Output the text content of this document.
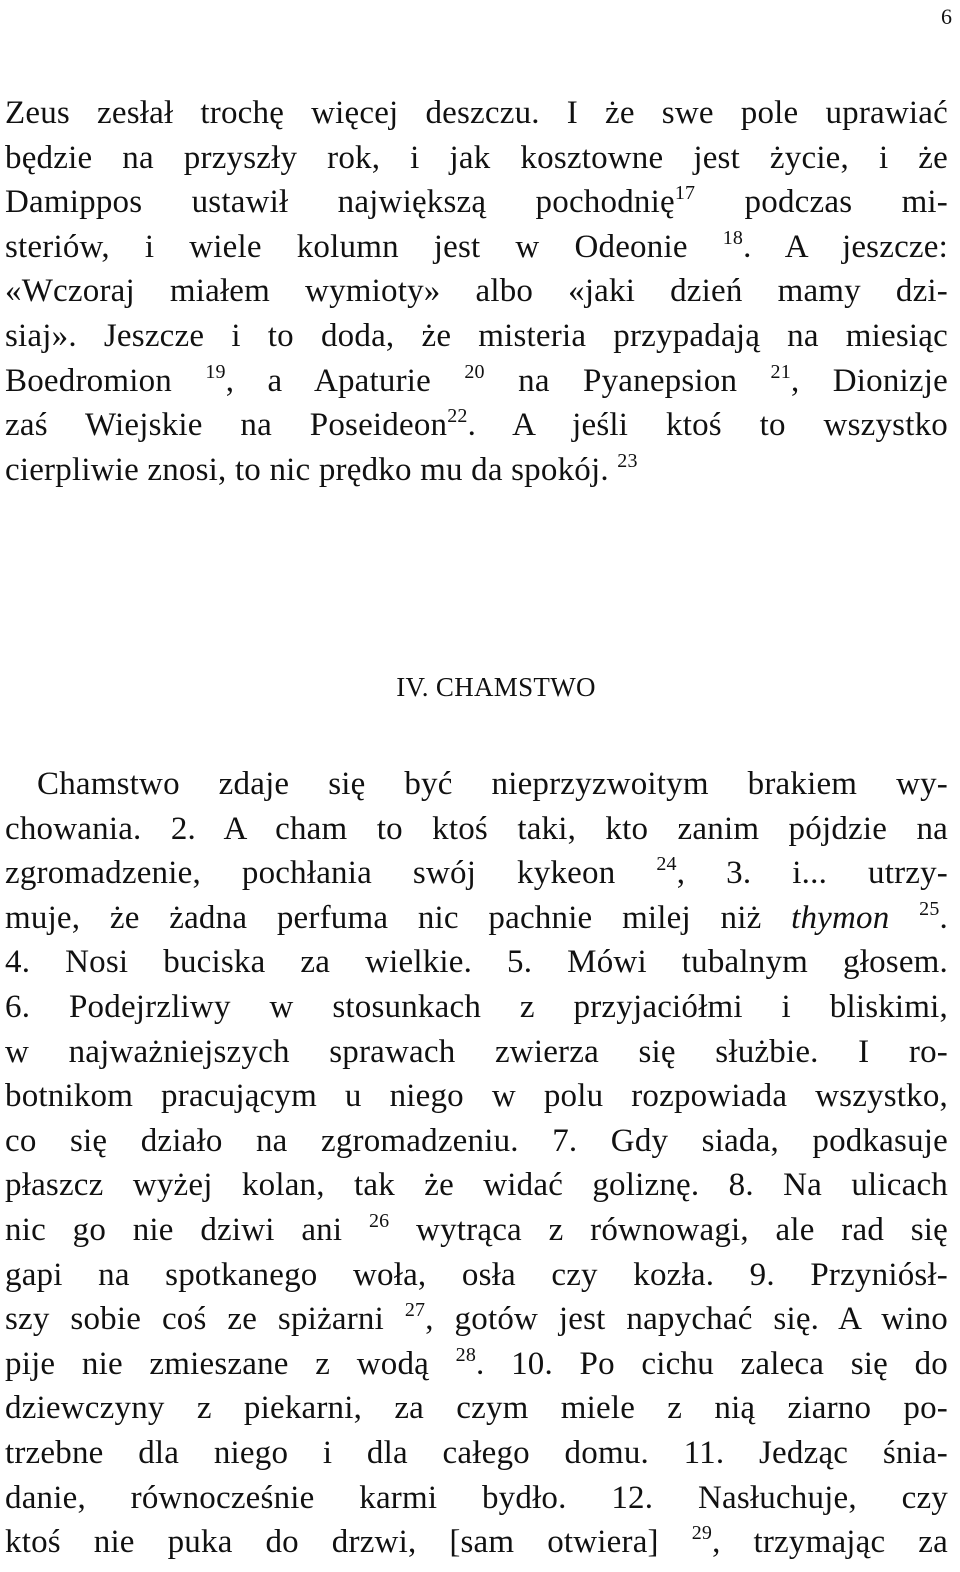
6
Zeus zesłał trochę więcej deszczu. I że swe pole uprawiać
będzie na przyszły rok, i jak kosztowne jest życie, i że
Damippos ustawił największą pochodnię$^{17}$ podczas mi-
steriów, i wiele kolumn jest w Odeonie $^{18}$. A jeszcze:
«Wczoraj miałem wymioty» albo «jaki dzień mamy dzi-
siaj». Jeszcze i to doda, że misteria przypadają na miesiąc
Boedromion $^{19}$, a Apaturie $^{20}$ na Pyanepsion $^{21}$, Dionizje
zaś Wiejskie na Poseideon$^{22}$. A jeśli ktoś to wszystko
cierpliwie znosi, to nic prędko mu da spokój. $^{23}$
IV. CHAMSTWO
Chamstwo zdaje się być nieprzyzwoitym brakiem wy-
chowania. 2. A cham to ktoś taki, kto zanim pójdzie na
zgromadzenie, pochłania swój kykeon $^{24}$, 3. i... utrzy-
muje, że żadna perfuma nic pachnie milej niż thymon $^{25}$.
4. Nosi buciska za wielkie. 5. Mówi tubalnym głosem.
6. Podejrzliwy w stosunkach z przyjaciółmi i bliskimi,
w najważniejszych sprawach zwierza się służbie. I ro-
botnikom pracującym u niego w polu rozpowiada wszystko,
co się działo na zgromadzeniu. 7. Gdy siada, podkasuje
płaszcz wyżej kolan, tak że widać goliznę. 8. Na ulicach
nic go nie dziwi ani $^{26}$ wytrąca z równowagi, ale rad się
gapi na spotkanego woła, osła czy kozła. 9. Przyniósł-
szy sobie coś ze spiżarni $^{27}$, gotów jest napychać się. A wino
pije nie zmieszane z wodą $^{28}$. 10. Po cichu zaleca się do
dziewczyny z piekarni, za czym miele z nią ziarno po-
trzebne dla niego i dla całego domu. 11. Jedząc śnia-
danie, równocześnie karmi bydło. 12. Nasłuchuje, czy
ktoś nie puka do drzwi, [sam otwiera] $^{29}$, trzymając za
